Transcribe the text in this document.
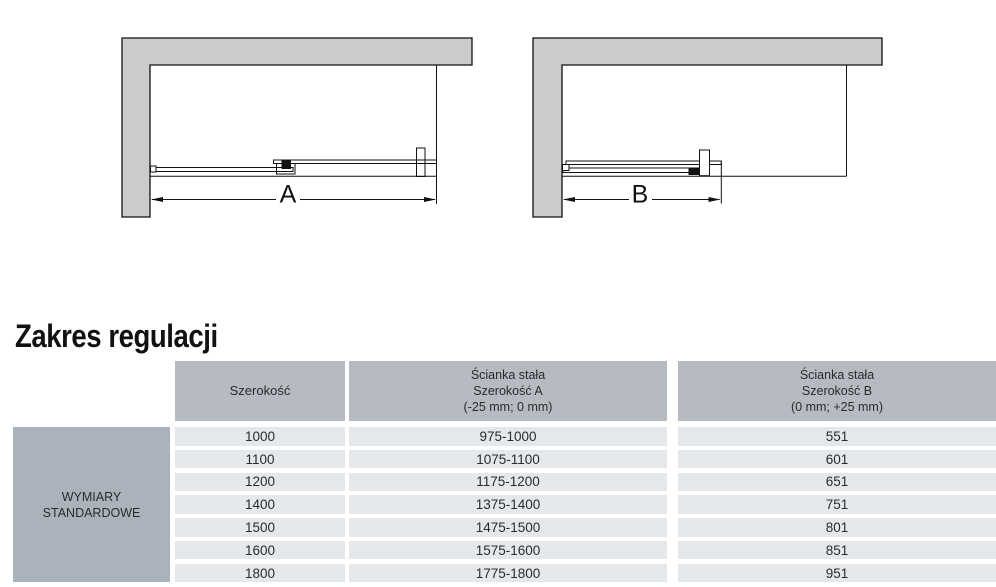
A	B
Zakres regulacji
WYMIARY
STANDARDOWE
Szerokość
1000
1100
1200
1400
1500
1600
1800
Ścianka stała
Szerokość A
(-25 mm; 0 mm)
975-1000
1075-1100
1175-1200
1375-1400
1475-1500
1575-1600
1775-1800
Ścianka stała
Szerokość B
(0 mm; +25 mm)
551
601
651
751
801
851
951
